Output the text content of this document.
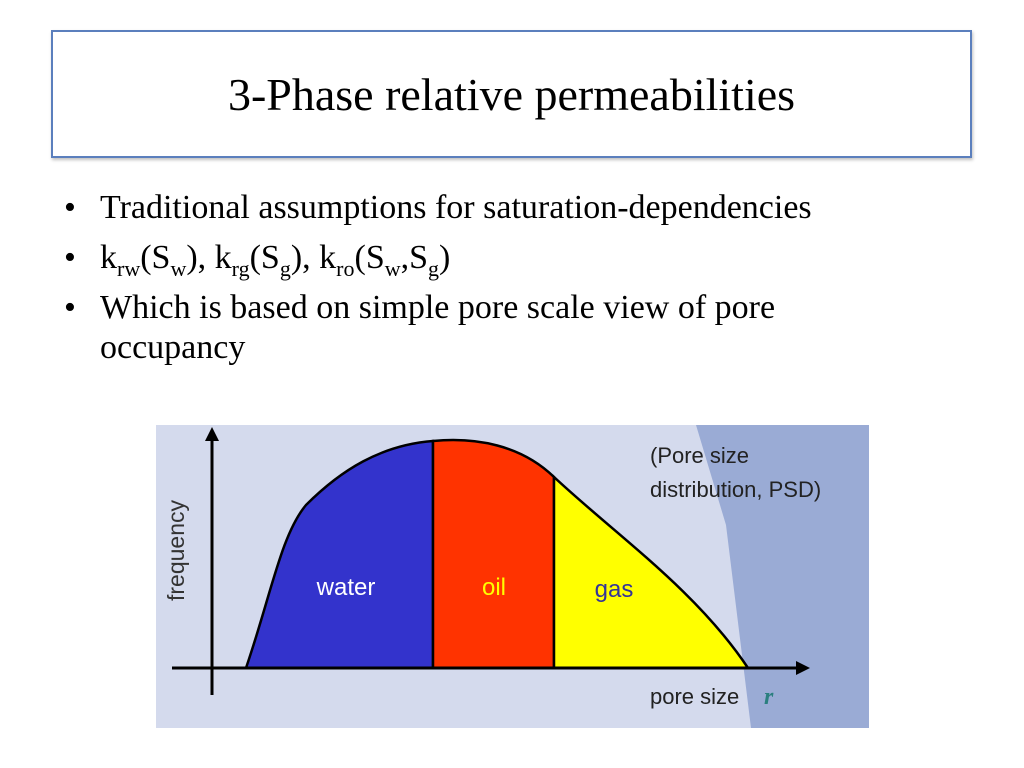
3-Phase relative permeabilities
• Traditional assumptions for saturation-dependencies
• $k_{rw}(S_w)$, $k_{rg}(S_g)$, $k_{ro}(S_w,S_g)$
• Which is based on simple pore scale view of pore
occupancy
water	oil	gas
frequency
pore size r
(Pore size
distribution, PSD)
